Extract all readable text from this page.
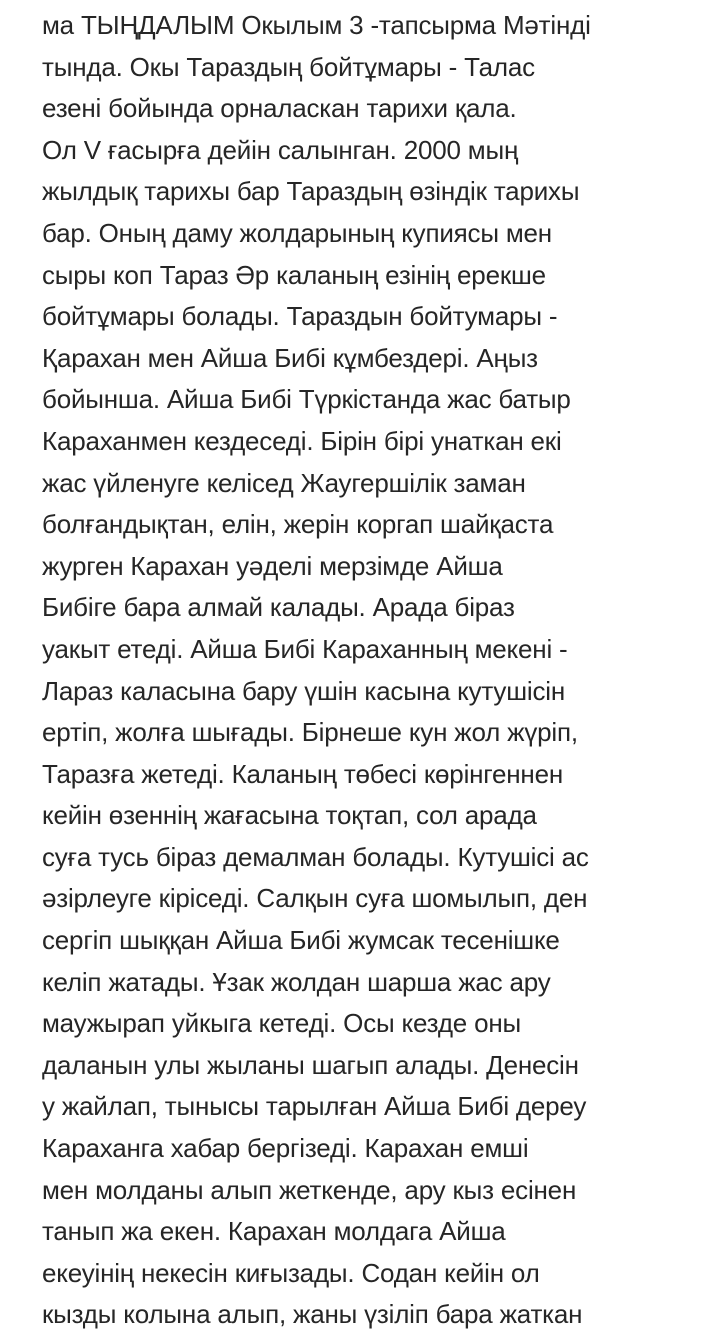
ма ТЫҢДАЛЫМ Окылым 3 -тапсырма Мәтінді
тында. Окы Тараздың бойтұмары - Талас
езені бойында орналаскан тарихи қала.
Ол V ғасырға дейін салынган. 2000 мың
жылдық тарихы бар Тараздың өзіндік тарихы
бар. Оның даму жолдарының купиясы мен
сыры коп Тараз Әр каланың езінің ерекше
бойтұмары болады. Тараздын бойтумары -
Қарахан мен Айша Бибі кұмбездері. Аңыз
бойынша. Айша Бибі Түркістанда жас батыр
Караханмен кездеседі. Бірін бірі унаткан екі
жас үйленуге келісед Жаугершілік заман
болғандықтан, елін, жерін коргап шайқаста
журген Карахан уәделі мерзімде Айша
Бибіге бара алмай калады. Арада біраз
уакыт етеді. Айша Бибі Караханның мекені -
Лараз каласына бару үшін касына кутушісін
ертіп, жолға шығады. Бірнеше кун жол жүріп,
Таразға жетеді. Каланың төбесі көрінгеннен
кейін өзеннің жағасына тоқтап, сол арада
суға тусь біраз демалман болады. Кутушісі ас
әзірлеуге кіріседі. Салқын суға шомылып, ден
сергіп шыққан Айша Бибі жумсак тесенішке
келіп жатады. Ұзак жолдан шарша жас ару
маужырап уйкыга кетеді. Осы кезде оны
даланын улы жыланы шагып алады. Денесін
у жайлап, тынысы тарылған Айша Бибі дереу
Караханга хабар бергізеді. Карахан емші
мен молданы алып жеткенде, ару кыз есінен
танып жа екен. Карахан молдага Айша
екеуінің некесін киғызады. Содан кейін ол
кызды колына алып, жаны үзіліп бара жаткан
